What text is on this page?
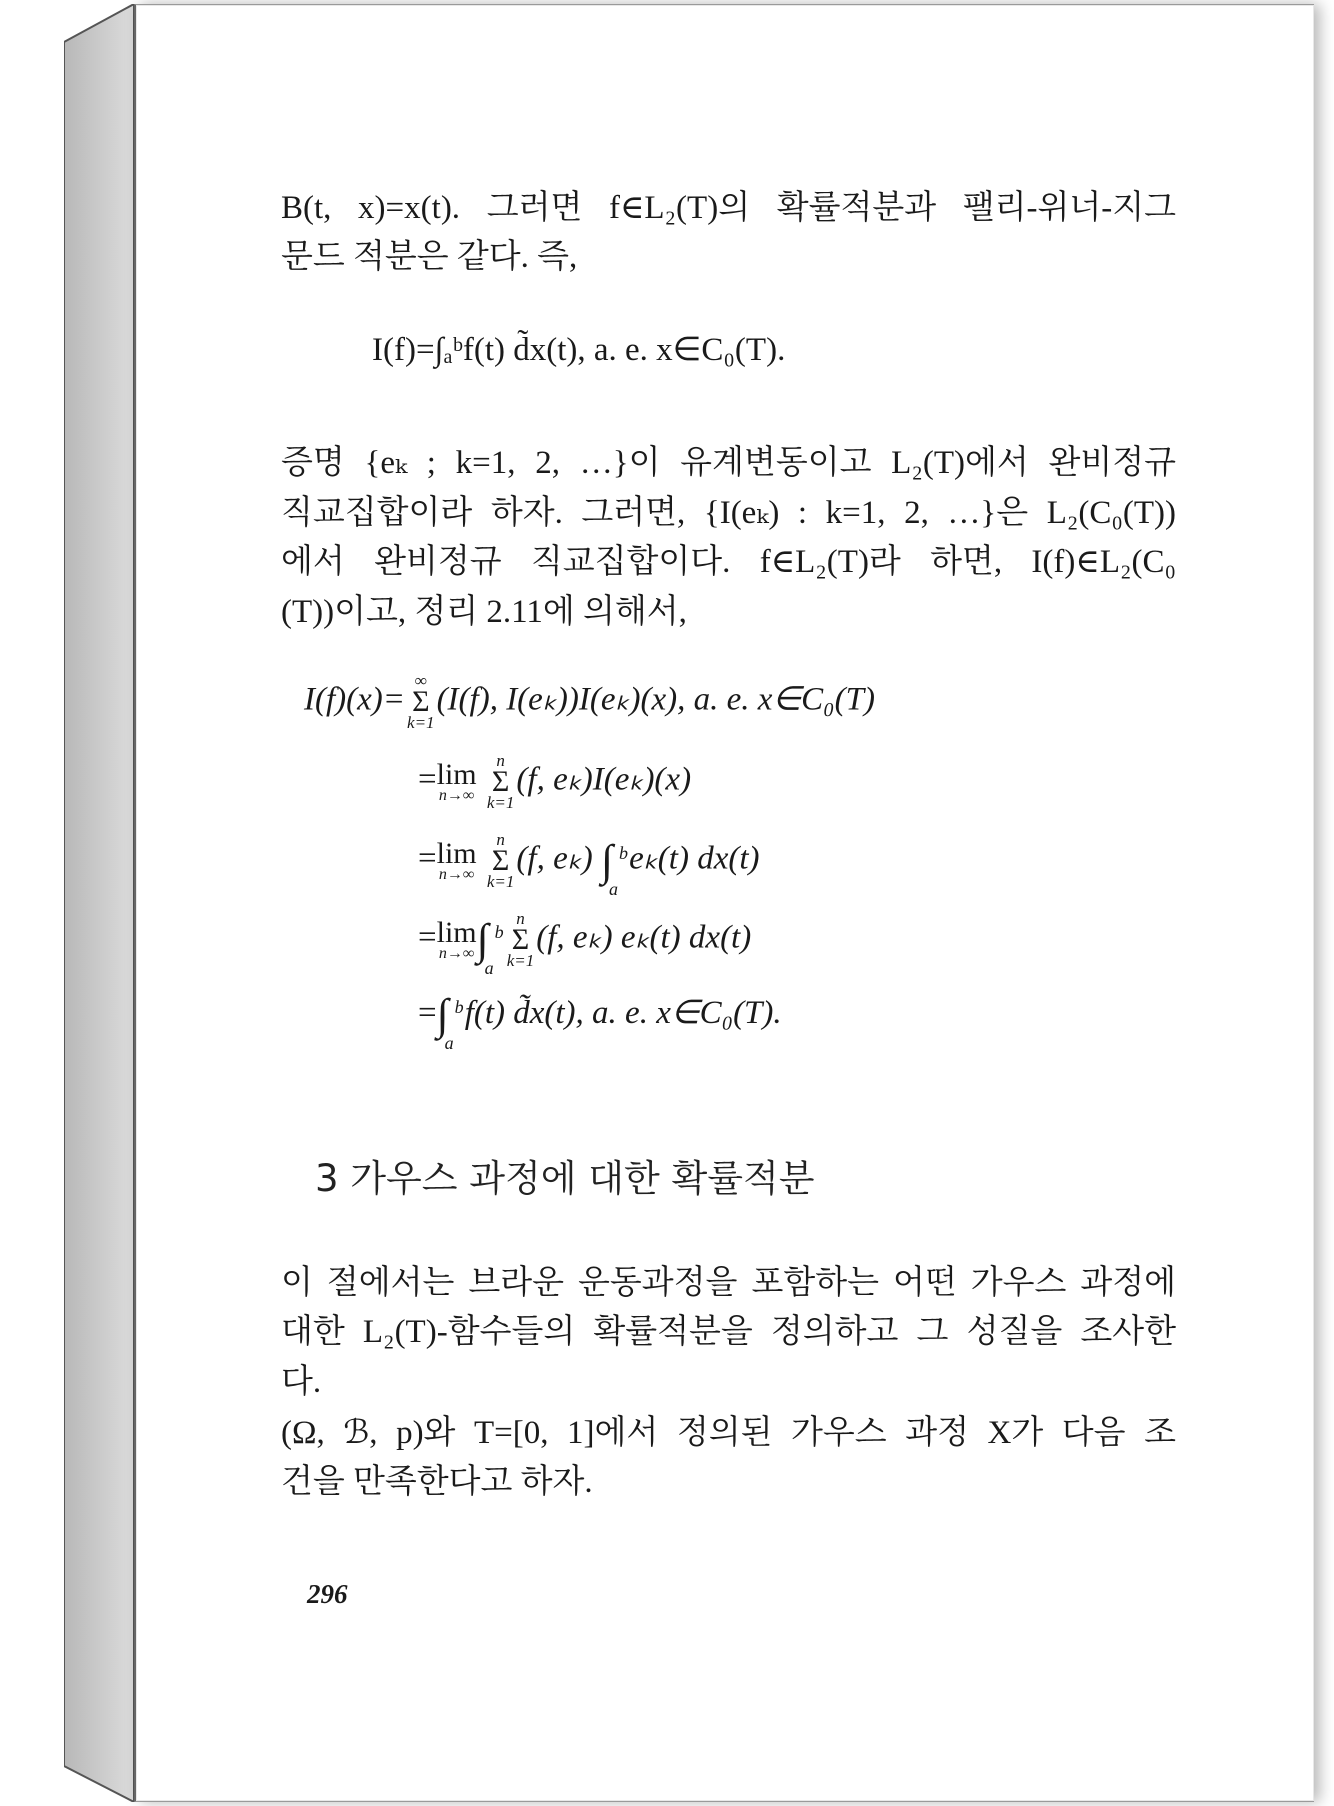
B(t, x)=x(t). 그러면 f∈L₂(T)의 확률적분과 팰리-위너-지그
문드 적분은 같다. 즉,
I(f)=∫ₐᵇf(t) d̃x(t), a. e. x∈C₀(T).
증명 {eₖ ; k=1, 2, …}이 유계변동이고 L₂(T)에서 완비정규
직교집합이라 하자. 그러면, {I(eₖ) : k=1, 2, …}은 L₂(C₀(T))
에서 완비정규 직교집합이다. f∈L₂(T)라 하면, I(f)∈L₂(C₀
(T))이고, 정리 2.11에 의해서,
I(f)(x)=
∞
Σ
k=1
(I(f), I(eₖ))I(eₖ)(x), a. e. x∈C₀(T)
= lim
n→∞

n
Σ
k=1
(f, eₖ)I(eₖ)(x)
= lim
n→∞

n
Σ
k=1
(f, eₖ) ∫ b
a
eₖ(t) dx(t)
= lim
n→∞ ∫ b
a
n
Σ
k=1
(f, eₖ) eₖ(t) dx(t)
=∫ b
a
f(t) d̃x(t), a. e. x∈C₀(T).
3 가우스 과정에 대한 확률적분
이 절에서는 브라운 운동과정을 포함하는 어떤 가우스 과정에
대한 L₂(T)-함수들의 확률적분을 정의하고 그 성질을 조사한
다.
(Ω, ℬ, p)와 T=[0, 1]에서 정의된 가우스 과정 X가 다음 조
건을 만족한다고 하자.
296
